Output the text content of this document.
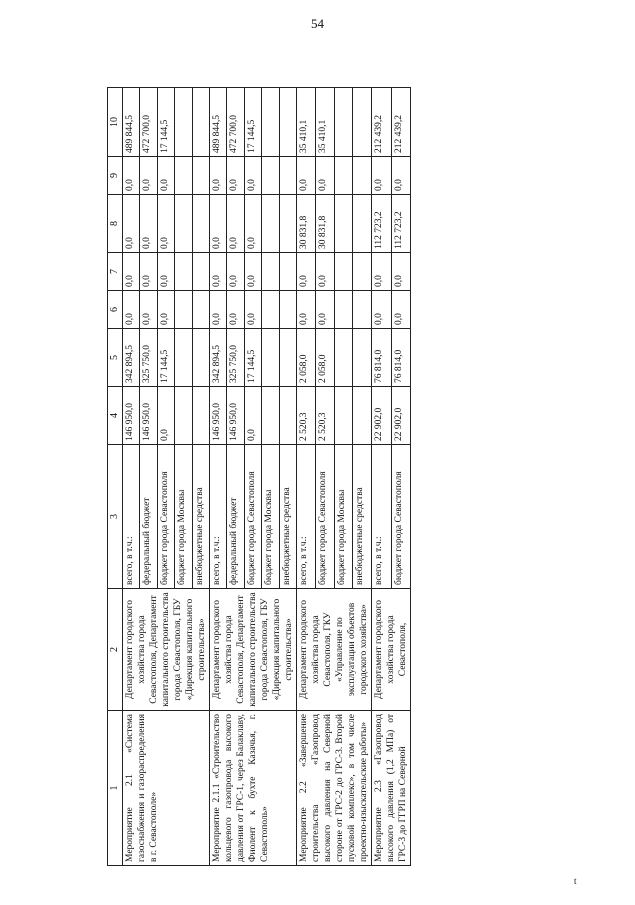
54
1	2	3	4	5	6	7	8	9	10
Мероприятие 2.1 «Система газоснабжения и газораспределения в г. Севастополе»	Департамент городского хозяйства города Севастополя, Департамент капитального строительства города Севастополя, ГБУ «Дирекция капитального строительства»	всего, в т.ч.:	146 950,0	342 894,5	0,0	0,0	0,0	0,0	489 844,5
		федеральный бюджет	146 950,0	325 750,0	0,0	0,0	0,0	0,0	472 700,0
		бюджет города Севастополя	0,0	17 144,5	0,0	0,0	0,0	0,0	17 144,5
		бюджет города Москвы							
		внебюджетные средства							
Мероприятие 2.1.1 «Строительство кольцевого газопровода высокого давления от ГРС-1, через Балаклаву, Фиолент к бухте Казачья, г. Севастополь»	Департамент городского хозяйства города Севастополя, Департамент капитального строительства города Севастополя, ГБУ «Дирекция капитального строительства»	всего, в т.ч.:	146 950,0	342 894,5	0,0	0,0	0,0	0,0	489 844,5
		федеральный бюджет	146 950,0	325 750,0	0,0	0,0	0,0	0,0	472 700,0
		бюджет города Севастополя	0,0	17 144,5	0,0	0,0	0,0	0,0	17 144,5
		бюджет города Москвы							
		внебюджетные средства							
Мероприятие 2.2 «Завершение строительства «Газопровод высокого давления на Северной стороне от ГРС-2 до ГРС-3. Второй пусковой комплекс», в том числе проектно-изыскательские работы»	Департамент городского хозяйства города Севастополя, ГКУ «Управление по эксплуатации объектов городского хозяйства»	всего, в т.ч.:	2 520,3	2 058,0	0,0	0,0	30 831,8	0,0	35 410,1
		бюджет города Севастополя	2 520,3	2 058,0	0,0	0,0	30 831,8	0,0	35 410,1
		бюджет города Москвы							
		внебюджетные средства							
Мероприятие 2.3 «Газопровод высокого давления (1,2 МПа) от ГРС-3 до ГГРП на Северной	Департамент городского хозяйства города Севастополя,	всего, в т.ч.:	22 902,0	76 814,0	0,0	0,0	112 723,2	0,0	212 439,2
		бюджет города Севастополя	22 902,0	76 814,0	0,0	0,0	112 723,2	0,0	212 439,2
t
